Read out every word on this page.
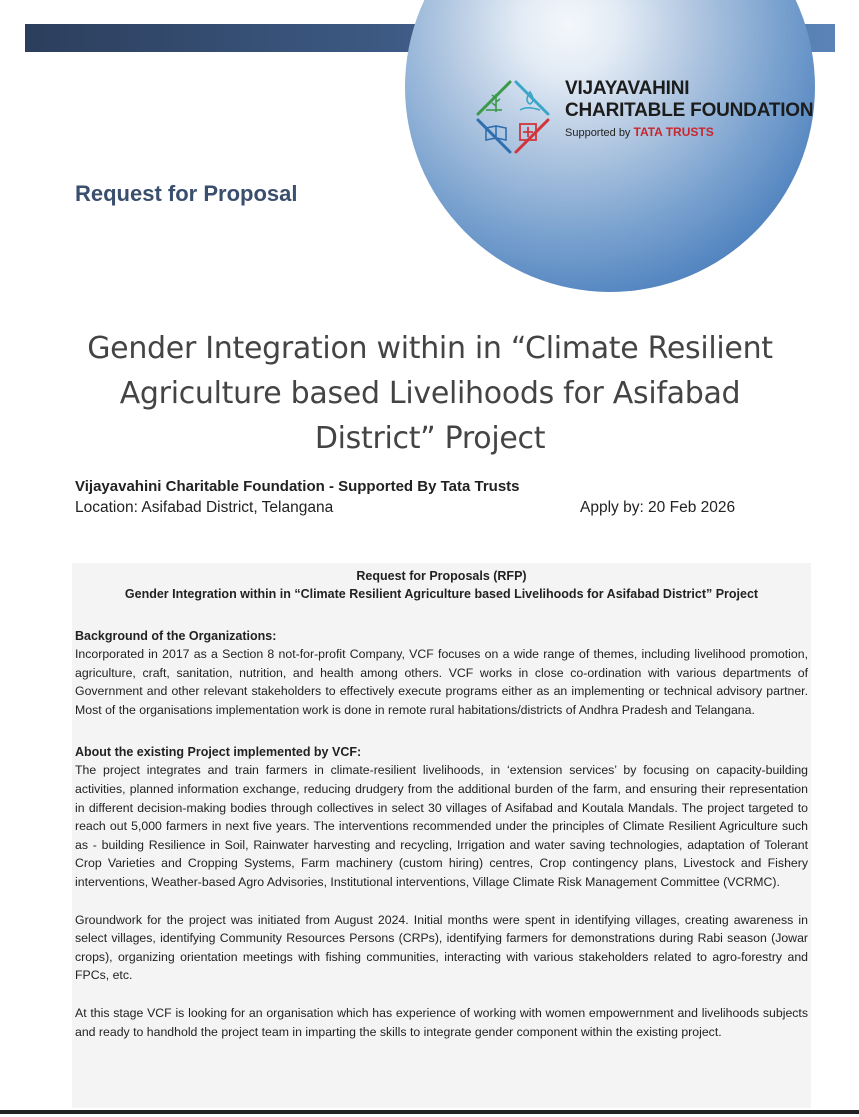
VIJAYAVAHINI
CHARITABLE FOUNDATION
Supported by TATA TRUSTS
Request for Proposal
Gender Integration within in “Climate Resilient
Agriculture based Livelihoods for Asifabad
District” Project
Vijayavahini Charitable Foundation - Supported By Tata Trusts
Location: Asifabad District, Telangana	Apply by: 20 Feb 2026
Request for Proposals (RFP)
Gender Integration within in “Climate Resilient Agriculture based Livelihoods for Asifabad District” Project
Background of the Organizations:
Incorporated in 2017 as a Section 8 not-for-profit Company, VCF focuses on a wide range of themes, including livelihood promotion, agriculture, craft, sanitation, nutrition, and health among others. VCF works in close co-ordination with various departments of Government and other relevant stakeholders to effectively execute programs either as an implementing or technical advisory partner. Most of the organisations implementation work is done in remote rural habitations/districts of Andhra Pradesh and Telangana.
About the existing Project implemented by VCF:
The project integrates and train farmers in climate-resilient livelihoods, in ‘extension services’ by focusing on capacity-building activities, planned information exchange, reducing drudgery from the additional burden of the farm, and ensuring their representation in different decision-making bodies through collectives in select 30 villages of Asifabad and Koutala Mandals. The project targeted to reach out 5,000 farmers in next five years. The interventions recommended under the principles of Climate Resilient Agriculture such as - building Resilience in Soil, Rainwater harvesting and recycling, Irrigation and water saving technologies, adaptation of Tolerant Crop Varieties and Cropping Systems, Farm machinery (custom hiring) centres, Crop contingency plans, Livestock and Fishery interventions, Weather-based Agro Advisories, Institutional interventions, Village Climate Risk Management Committee (VCRMC).
Groundwork for the project was initiated from August 2024. Initial months were spent in identifying villages, creating awareness in select villages, identifying Community Resources Persons (CRPs), identifying farmers for demonstrations during Rabi season (Jowar crops), organizing orientation meetings with fishing communities, interacting with various stakeholders related to agro-forestry and FPCs, etc.
At this stage VCF is looking for an organisation which has experience of working with women empowernment and livelihoods subjects and ready to handhold the project team in imparting the skills to integrate gender component within the existing project.
